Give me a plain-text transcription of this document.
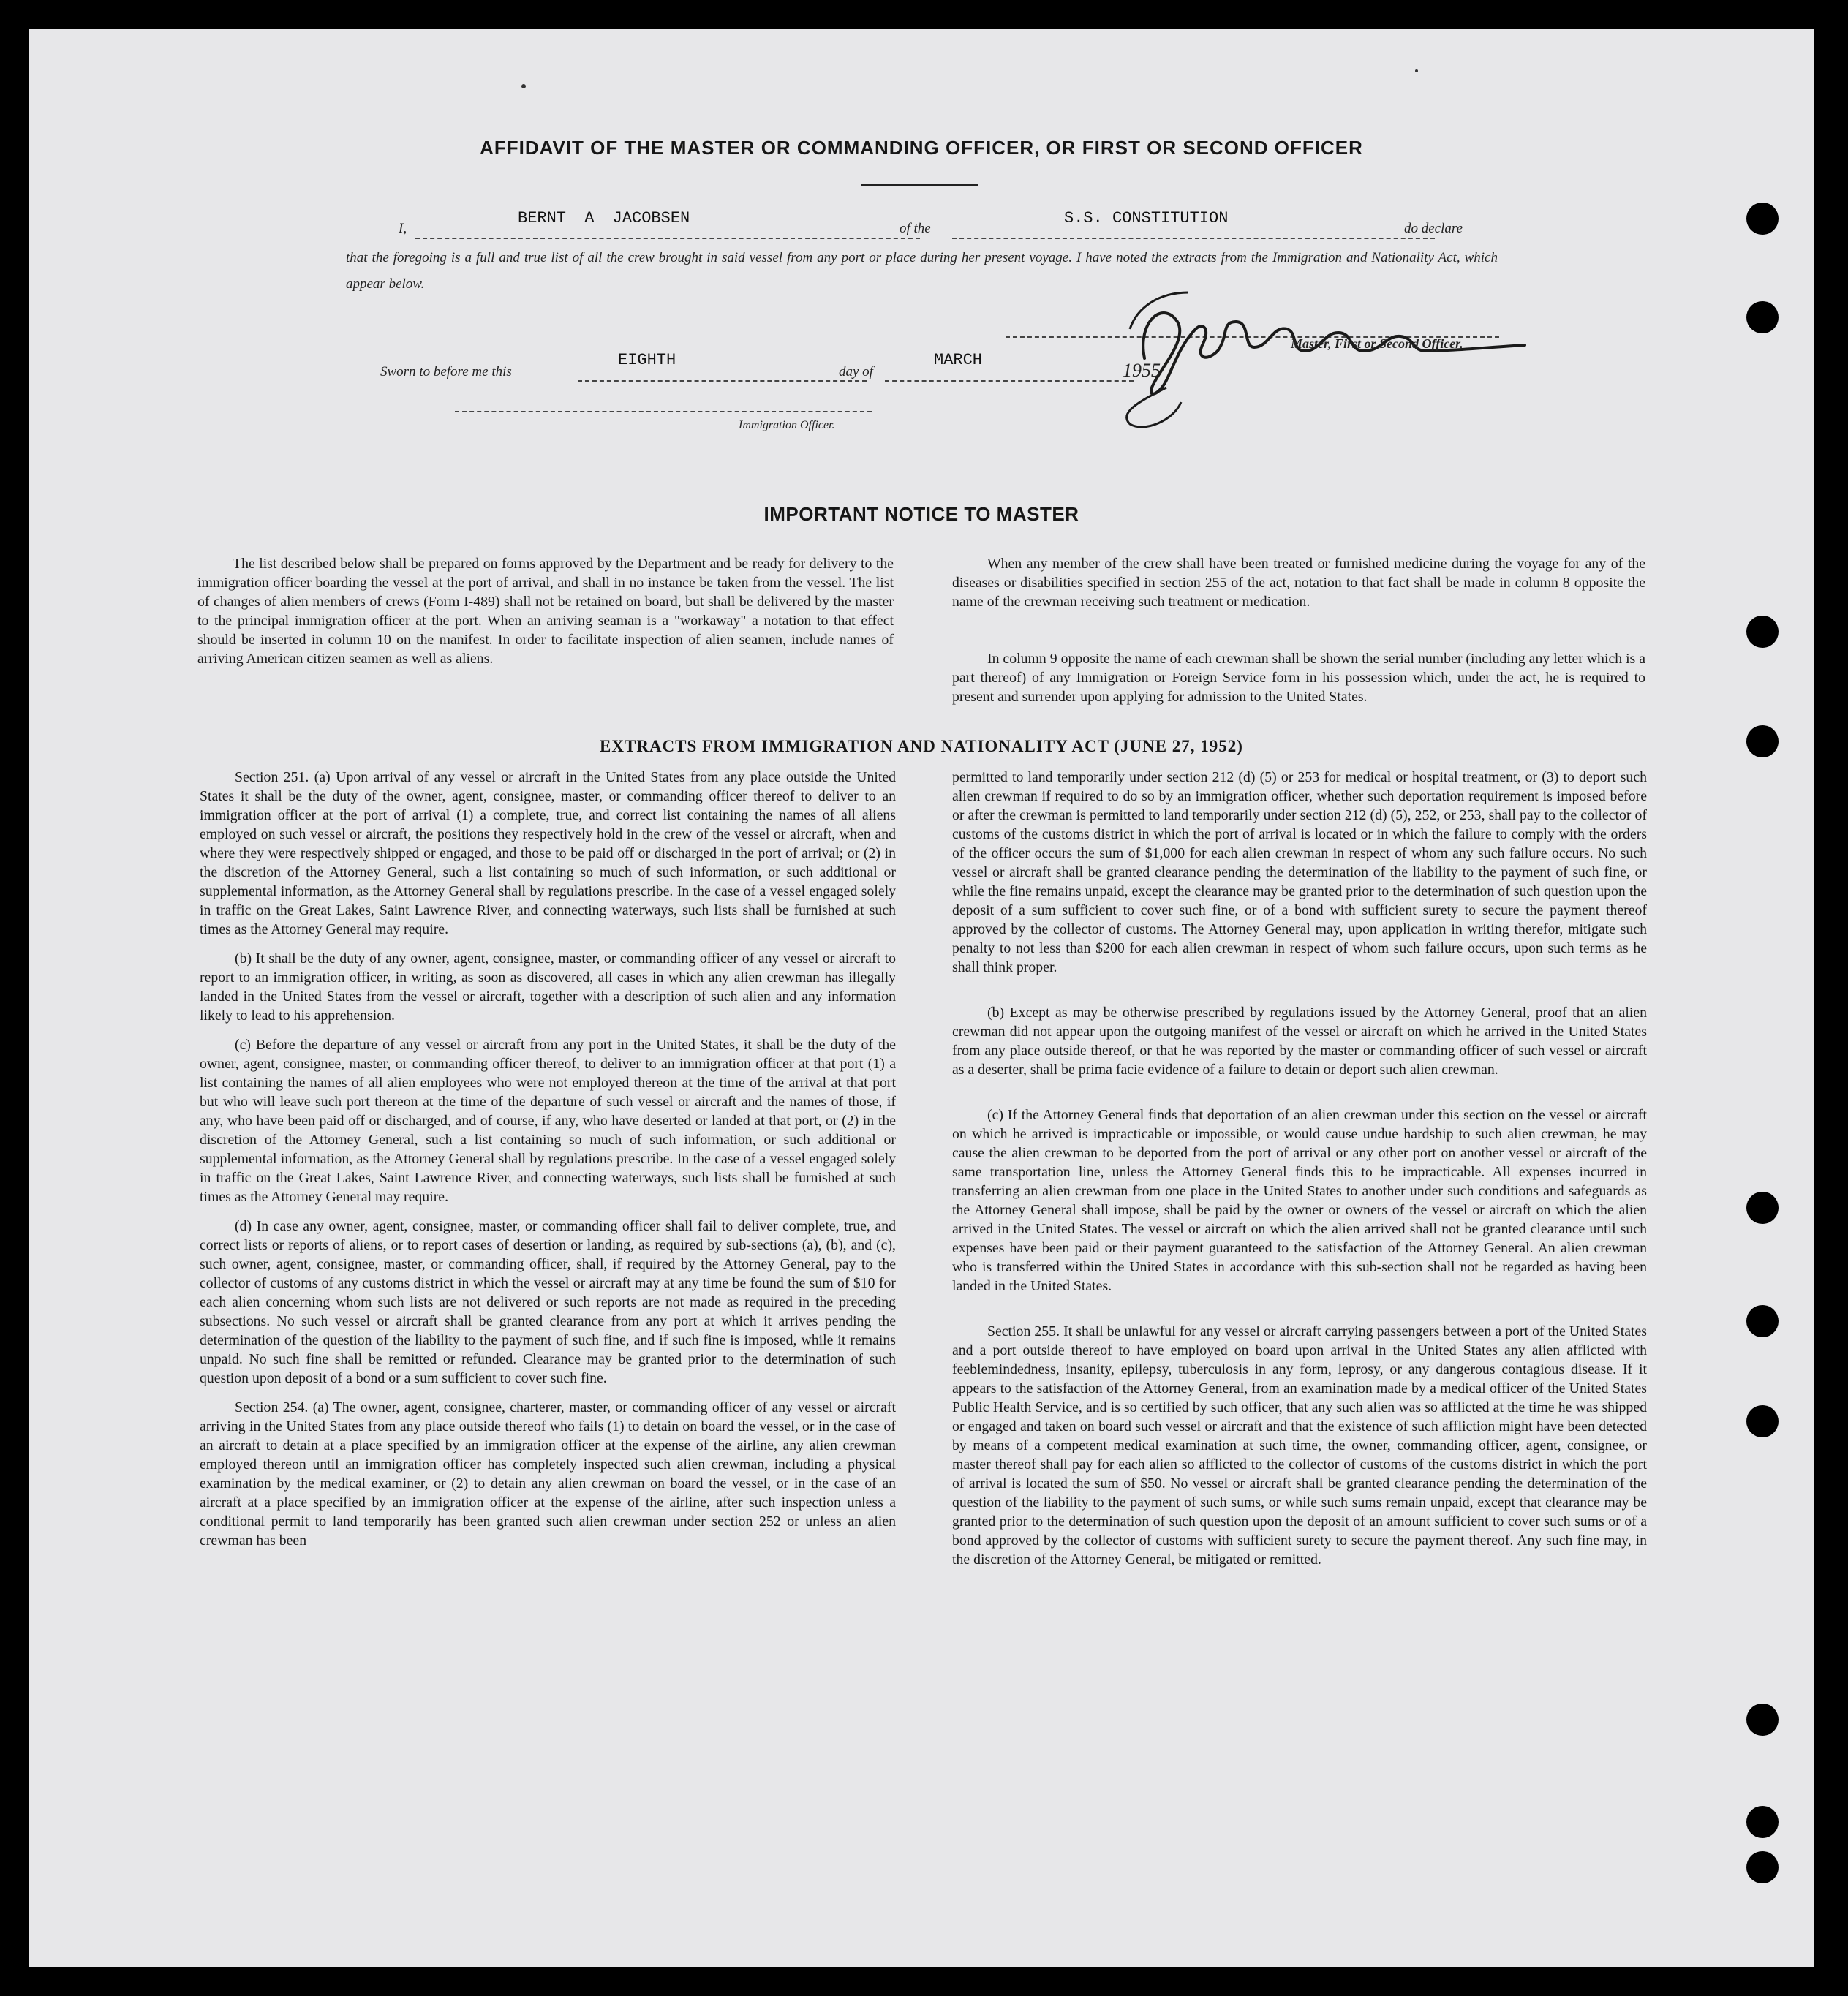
AFFIDAVIT OF THE MASTER OR COMMANDING OFFICER, OR FIRST OR SECOND OFFICER
I,
BERNT A JACOBSEN
of the
S.S. CONSTITUTION
do declare
that the foregoing is a full and true list of all the crew brought in said vessel from any port or place during her present voyage. I have noted the extracts from the Immigration and Nationality Act, which appear below.
Master, First or Second Officer.
Sworn to before me this
EIGHTH
day of
MARCH	1955
Immigration Officer.
IMPORTANT NOTICE TO MASTER

The list described below shall be prepared on forms approved by the Department and be ready for delivery to the immigration officer boarding the vessel at the port of arrival, and shall in no instance be taken from the vessel. The list of changes of alien members of crews (Form I-489) shall not be retained on board, but shall be delivered by the master to the principal immigration officer at the port. When an arriving seaman is a "workaway" a notation to that effect should be inserted in column 10 on the manifest. In order to facilitate inspection of alien seamen, include names of arriving American citizen seamen as well as aliens.

When any member of the crew shall have been treated or furnished medicine during the voyage for any of the diseases or disabilities specified in section 255 of the act, notation to that fact shall be made in column 8 opposite the name of the crewman receiving such treatment or medication.

In column 9 opposite the name of each crewman shall be shown the serial number (including any letter which is a part thereof) of any Immigration or Foreign Service form in his possession which, under the act, he is required to present and surrender upon applying for admission to the United States.

EXTRACTS FROM IMMIGRATION AND NATIONALITY ACT (JUNE 27, 1952)

Section 251. (a) Upon arrival of any vessel or aircraft in the United States from any place outside the United States it shall be the duty of the owner, agent, consignee, master, or commanding officer thereof to deliver to an immigration officer at the port of arrival (1) a complete, true, and correct list containing the names of all aliens employed on such vessel or aircraft, the positions they respectively hold in the crew of the vessel or aircraft, when and where they were respectively shipped or engaged, and those to be paid off or discharged in the port of arrival; or (2) in the discretion of the Attorney General, such a list containing so much of such information, or such additional or supplemental information, as the Attorney General shall by regulations prescribe. In the case of a vessel engaged solely in traffic on the Great Lakes, Saint Lawrence River, and connecting waterways, such lists shall be furnished at such times as the Attorney General may require.

(b) It shall be the duty of any owner, agent, consignee, master, or commanding officer of any vessel or aircraft to report to an immigration officer, in writing, as soon as discovered, all cases in which any alien crewman has illegally landed in the United States from the vessel or aircraft, together with a description of such alien and any information likely to lead to his apprehension.

(c) Before the departure of any vessel or aircraft from any port in the United States, it shall be the duty of the owner, agent, consignee, master, or commanding officer thereof, to deliver to an immigration officer at that port (1) a list containing the names of all alien employees who were not employed thereon at the time of the arrival at that port but who will leave such port thereon at the time of the departure of such vessel or aircraft and the names of those, if any, who have been paid off or discharged, and of course, if any, who have deserted or landed at that port, or (2) in the discretion of the Attorney General, such a list containing so much of such information, or such additional or supplemental information, as the Attorney General shall by regulations prescribe. In the case of a vessel engaged solely in traffic on the Great Lakes, Saint Lawrence River, and connecting waterways, such lists shall be furnished at such times as the Attorney General may require.

(d) In case any owner, agent, consignee, master, or commanding officer shall fail to deliver complete, true, and correct lists or reports of aliens, or to report cases of desertion or landing, as required by sub-sections (a), (b), and (c), such owner, agent, consignee, master, or commanding officer, shall, if required by the Attorney General, pay to the collector of customs of any customs district in which the vessel or aircraft may at any time be found the sum of $10 for each alien concerning whom such lists are not delivered or such reports are not made as required in the preceding subsections. No such vessel or aircraft shall be granted clearance from any port at which it arrives pending the determination of the question of the liability to the payment of such fine, and if such fine is imposed, while it remains unpaid. No such fine shall be remitted or refunded. Clearance may be granted prior to the determination of such question upon deposit of a bond or a sum sufficient to cover such fine.

Section 254. (a) The owner, agent, consignee, charterer, master, or commanding officer of any vessel or aircraft arriving in the United States from any place outside thereof who fails (1) to detain on board the vessel, or in the case of an aircraft to detain at a place specified by an immigration officer at the expense of the airline, any alien crewman employed thereon until an immigration officer has completely inspected such alien crewman, including a physical examination by the medical examiner, or (2) to detain any alien crewman on board the vessel, or in the case of an aircraft at a place specified by an immigration officer at the expense of the airline, after such inspection unless a conditional permit to land temporarily has been granted such alien crewman under section 252 or unless an alien crewman has been

permitted to land temporarily under section 212 (d) (5) or 253 for medical or hospital treatment, or (3) to deport such alien crewman if required to do so by an immigration officer, whether such deportation requirement is imposed before or after the crewman is permitted to land temporarily under section 212 (d) (5), 252, or 253, shall pay to the collector of customs of the customs district in which the port of arrival is located or in which the failure to comply with the orders of the officer occurs the sum of $1,000 for each alien crewman in respect of whom any such failure occurs. No such vessel or aircraft shall be granted clearance pending the determination of the liability to the payment of such fine, or while the fine remains unpaid, except the clearance may be granted prior to the determination of such question upon the deposit of a sum sufficient to cover such fine, or of a bond with sufficient surety to secure the payment thereof approved by the collector of customs. The Attorney General may, upon application in writing therefor, mitigate such penalty to not less than $200 for each alien crewman in respect of whom such failure occurs, upon such terms as he shall think proper.

(b) Except as may be otherwise prescribed by regulations issued by the Attorney General, proof that an alien crewman did not appear upon the outgoing manifest of the vessel or aircraft on which he arrived in the United States from any place outside thereof, or that he was reported by the master or commanding officer of such vessel or aircraft as a deserter, shall be prima facie evidence of a failure to detain or deport such alien crewman.

(c) If the Attorney General finds that deportation of an alien crewman under this section on the vessel or aircraft on which he arrived is impracticable or impossible, or would cause undue hardship to such alien crewman, he may cause the alien crewman to be deported from the port of arrival or any other port on another vessel or aircraft of the same transportation line, unless the Attorney General finds this to be impracticable. All expenses incurred in transferring an alien crewman from one place in the United States to another under such conditions and safeguards as the Attorney General shall impose, shall be paid by the owner or owners of the vessel or aircraft on which the alien arrived in the United States. The vessel or aircraft on which the alien arrived shall not be granted clearance until such expenses have been paid or their payment guaranteed to the satisfaction of the Attorney General. An alien crewman who is transferred within the United States in accordance with this sub-section shall not be regarded as having been landed in the United States.

Section 255. It shall be unlawful for any vessel or aircraft carrying passengers between a port of the United States and a port outside thereof to have employed on board upon arrival in the United States any alien afflicted with feeblemindedness, insanity, epilepsy, tuberculosis in any form, leprosy, or any dangerous contagious disease. If it appears to the satisfaction of the Attorney General, from an examination made by a medical officer of the United States Public Health Service, and is so certified by such officer, that any such alien was so afflicted at the time he was shipped or engaged and taken on board such vessel or aircraft and that the existence of such affliction might have been detected by means of a competent medical examination at such time, the owner, commanding officer, agent, consignee, or master thereof shall pay for each alien so afflicted to the collector of customs of the customs district in which the port of arrival is located the sum of $50. No vessel or aircraft shall be granted clearance pending the determination of the question of the liability to the payment of such sums, or while such sums remain unpaid, except that clearance may be granted prior to the determination of such question upon the deposit of an amount sufficient to cover such sums or of a bond approved by the collector of customs with sufficient surety to secure the payment thereof. Any such fine may, in the discretion of the Attorney General, be mitigated or remitted.
